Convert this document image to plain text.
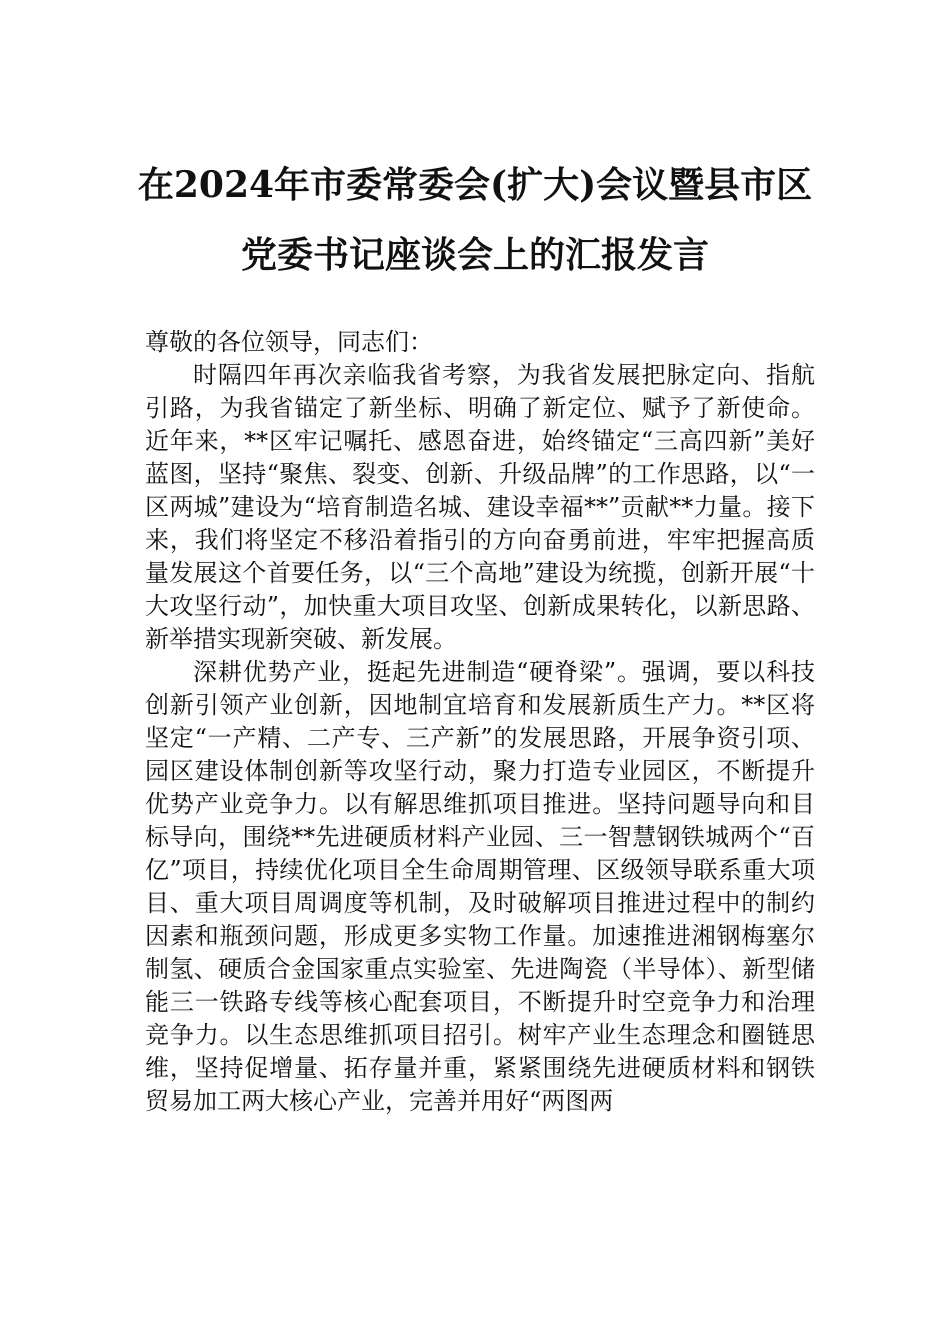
在2024年市委常委会(扩大)会议暨县市区
党委书记座谈会上的汇报发言

尊敬的各位领导，同志们：

时隔四年再次亲临我省考察，为我省发展把脉定向、指航引路，为我省锚定了新坐标、明确了新定位、赋予了新使命。近年来，**区牢记嘱托、感恩奋进，始终锚定“三高四新”美好蓝图，坚持“聚焦、裂变、创新、升级品牌”的工作思路，以“一区两城”建设为“培育制造名城、建设幸福**”贡献**力量。接下来，我们将坚定不移沿着指引的方向奋勇前进，牢牢把握高质量发展这个首要任务，以“三个高地”建设为统揽，创新开展“十大攻坚行动”，加快重大项目攻坚、创新成果转化，以新思路、新举措实现新突破、新发展。

深耕优势产业，挺起先进制造“硬脊梁”。强调，要以科技创新引领产业创新，因地制宜培育和发展新质生产力。**区将坚定“一产精、二产专、三产新”的发展思路，开展争资引项、园区建设体制创新等攻坚行动，聚力打造专业园区，不断提升优势产业竞争力。以有解思维抓项目推进。坚持问题导向和目标导向，围绕**先进硬质材料产业园、三一智慧钢铁城两个“百亿”项目，持续优化项目全生命周期管理、区级领导联系重大项目、重大项目周调度等机制，及时破解项目推进过程中的制约因素和瓶颈问题，形成更多实物工作量。加速推进湘钢梅塞尔制氢、硬质合金国家重点实验室、先进陶瓷（半导体）、新型储能三一铁路专线等核心配套项目，不断提升时空竞争力和治理竞争力。以生态思维抓项目招引。树牢产业生态理念和圈链思维，坚持促增量、拓存量并重，紧紧围绕先进硬质材料和钢铁贸易加工两大核心产业，完善并用好“两图两
